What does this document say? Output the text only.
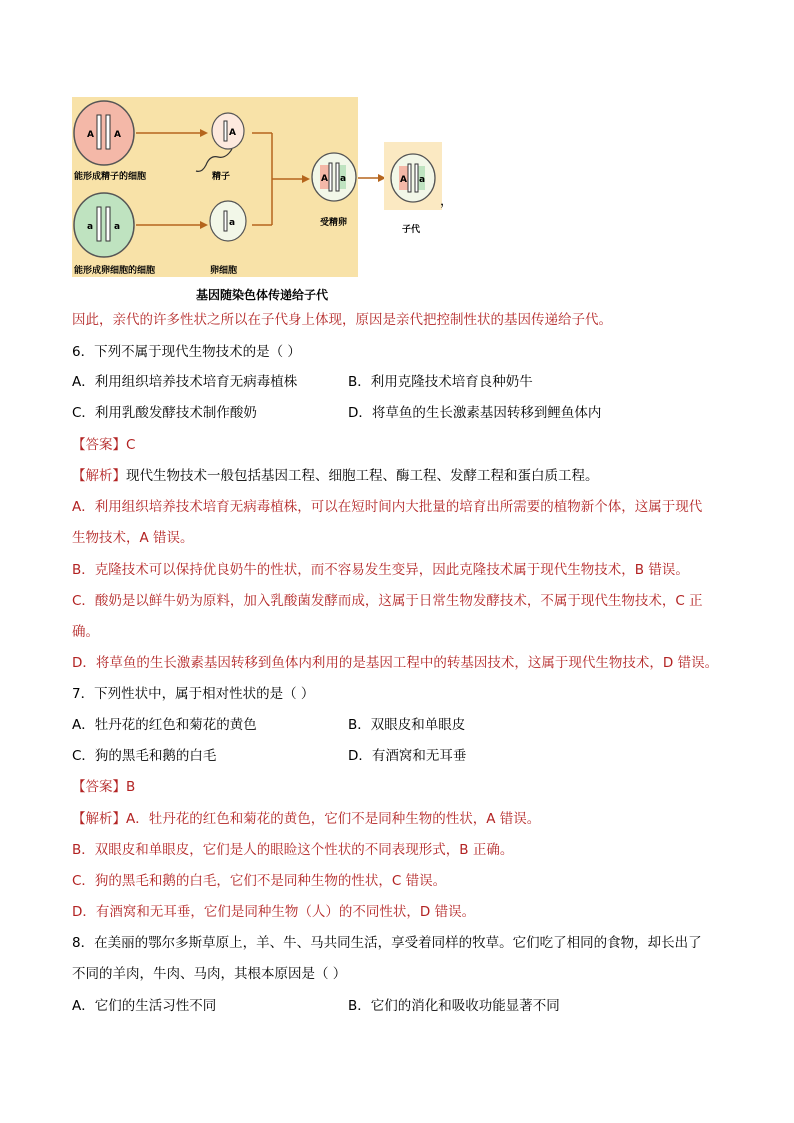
A A
能形成精子的细胞
a a
能形成卵细胞的细胞
A
精子
a
卵细胞
A a
受精卵
A a
子代
，
基因随染色体传递给子代
因此，亲代的许多性状之所以在子代身上体现，原因是亲代把控制性状的基因传递给子代。
6．下列不属于现代生物技术的是（ ）
A．利用组织培养技术培育无病毒植株	B．利用克隆技术培育良种奶牛
C．利用乳酸发酵技术制作酸奶	D．将草鱼的生长激素基因转移到鲤鱼体内
【答案】C
【解析】现代生物技术一般包括基因工程、细胞工程、酶工程、发酵工程和蛋白质工程。
A．利用组织培养技术培育无病毒植株，可以在短时间内大批量的培育出所需要的植物新个体，这属于现代
生物技术，A 错误。
B．克隆技术可以保持优良奶牛的性状，而不容易发生变异，因此克隆技术属于现代生物技术，B 错误。
C．酸奶是以鲜牛奶为原料，加入乳酸菌发酵而成，这属于日常生物发酵技术，不属于现代生物技术，C 正
确。
D．将草鱼的生长激素基因转移到鱼体内利用的是基因工程中的转基因技术，这属于现代生物技术，D 错误。
7．下列性状中，属于相对性状的是（ ）
A．牡丹花的红色和菊花的黄色	B．双眼皮和单眼皮
C．狗的黑毛和鹅的白毛	D．有酒窝和无耳垂
【答案】B
【解析】A．牡丹花的红色和菊花的黄色，它们不是同种生物的性状，A 错误。
B．双眼皮和单眼皮，它们是人的眼睑这个性状的不同表现形式，B 正确。
C．狗的黑毛和鹅的白毛，它们不是同种生物的性状，C 错误。
D．有酒窝和无耳垂，它们是同种生物（人）的不同性状，D 错误。
8．在美丽的鄂尔多斯草原上，羊、牛、马共同生活，享受着同样的牧草。它们吃了相同的食物，却长出了
不同的羊肉，牛肉、马肉，其根本原因是（ ）
A．它们的生活习性不同	B．它们的消化和吸收功能显著不同
